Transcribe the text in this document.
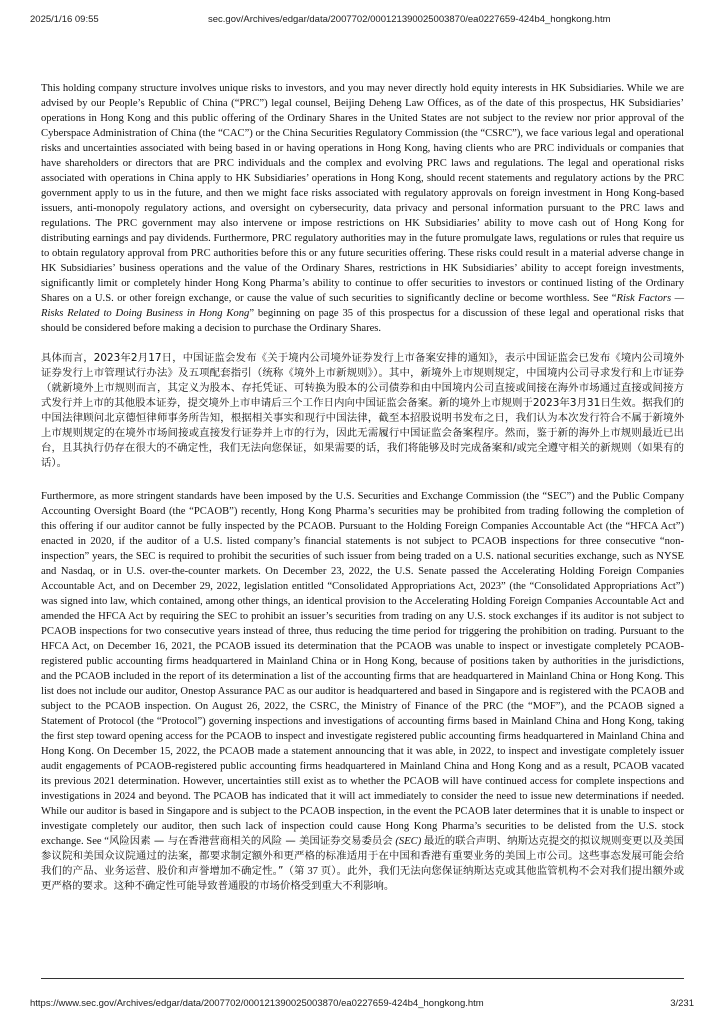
2025/1/16 09:55	sec.gov/Archives/edgar/data/2007702/000121390025003870/ea0227659-424b4_hongkong.htm

This holding company structure involves unique risks to investors, and you may never directly hold equity interests in HK Subsidiaries. While we are advised by our People’s Republic of China (“PRC”) legal counsel, Beijing Deheng Law Offices, as of the date of this prospectus, HK Subsidiaries’ operations in Hong Kong and this public offering of the Ordinary Shares in the United States are not subject to the review nor prior approval of the Cyberspace Administration of China (the “CAC”) or the China Securities Regulatory Commission (the “CSRC”), we face various legal and operational risks and uncertainties associated with being based in or having operations in Hong Kong, having clients who are PRC individuals or companies that have shareholders or directors that are PRC individuals and the complex and evolving PRC laws and regulations. The legal and operational risks associated with operations in China apply to HK Subsidiaries’ operations in Hong Kong, should recent statements and regulatory actions by the PRC government apply to us in the future, and then we might face risks associated with regulatory approvals on foreign investment in Hong Kong-based issuers, anti-monopoly regulatory actions, and oversight on cybersecurity, data privacy and personal information pursuant to the PRC laws and regulations. The PRC government may also intervene or impose restrictions on HK Subsidiaries’ ability to move cash out of Hong Kong for distributing earnings and pay dividends. Furthermore, PRC regulatory authorities may in the future promulgate laws, regulations or rules that require us to obtain regulatory approval from PRC authorities before this or any future securities offering. These risks could result in a material adverse change in HK Subsidiaries’ business operations and the value of the Ordinary Shares, restrictions in HK Subsidiaries’ ability to accept foreign investments, significantly limit or completely hinder Hong Kong Pharma’s ability to continue to offer securities to investors or continued listing of the Ordinary Shares on a U.S. or other foreign exchange, or cause the value of such securities to significantly decline or become worthless. See “Risk Factors — Risks Related to Doing Business in Hong Kong” beginning on page 35 of this prospectus for a discussion of these legal and operational risks that should be considered before making a decision to purchase the Ordinary Shares.

具体而言，2023年2月17日，中国证监会发布《关于境内公司境外证券发行上市备案安排的通知》，表示中国证监会已发布《境内公司境外证券发行上市管理试行办法》及五项配套指引（统称《境外上市新规则》）。其中，新境外上市规则规定，中国境内公司寻求发行和上市证券（就新境外上市规则而言，其定义为股本、存托凭证、可转换为股本的公司债券和由中国境内公司直接或间接在海外市场通过直接或间接方式发行并上市的其他股本证券，提交境外上市申请后三个工作日内向中国证监会备案。新的境外上市规则于2023年3月31日生效。据我们的中国法律顾问北京德恒律师事务所告知，根据相关事实和现行中国法律，截至本招股说明书发布之日，我们认为本次发行符合不属于新境外上市规则规定的在境外市场间接或直接发行证券并上市的行为，因此无需履行中国证监会备案程序。然而，鉴于新的海外上市规则最近已出台，且其执行仍存在很大的不确定性，我们无法向您保证，如果需要的话，我们将能够及时完成备案和/或完全遵守相关的新规则（如果有的话）。

Furthermore, as more stringent standards have been imposed by the U.S. Securities and Exchange Commission (the “SEC”) and the Public Company Accounting Oversight Board (the “PCAOB”) recently, Hong Kong Pharma’s securities may be prohibited from trading following the completion of this offering if our auditor cannot be fully inspected by the PCAOB. Pursuant to the Holding Foreign Companies Accountable Act (the “HFCA Act”) enacted in 2020, if the auditor of a U.S. listed company’s financial statements is not subject to PCAOB inspections for three consecutive “non-inspection” years, the SEC is required to prohibit the securities of such issuer from being traded on a U.S. national securities exchange, such as NYSE and Nasdaq, or in U.S. over-the-counter markets. On December 23, 2022, the U.S. Senate passed the Accelerating Holding Foreign Companies Accountable Act, and on December 29, 2022, legislation entitled “Consolidated Appropriations Act, 2023” (the “Consolidated Appropriations Act”) was signed into law, which contained, among other things, an identical provision to the Accelerating Holding Foreign Companies Accountable Act and amended the HFCA Act by requiring the SEC to prohibit an issuer’s securities from trading on any U.S. stock exchanges if its auditor is not subject to PCAOB inspections for two consecutive years instead of three, thus reducing the time period for triggering the prohibition on trading. Pursuant to the HFCA Act, on December 16, 2021, the PCAOB issued its determination that the PCAOB was unable to inspect or investigate completely PCAOB-registered public accounting firms headquartered in Mainland China or in Hong Kong, because of positions taken by authorities in the jurisdictions, and the PCAOB included in the report of its determination a list of the accounting firms that are headquartered in Mainland China or Hong Kong. This list does not include our auditor, Onestop Assurance PAC as our auditor is headquartered and based in Singapore and is registered with the PCAOB and subject to the PCAOB inspection. On August 26, 2022, the CSRC, the Ministry of Finance of the PRC (the “MOF”), and the PCAOB signed a Statement of Protocol (the “Protocol”) governing inspections and investigations of accounting firms based in Mainland China and Hong Kong, taking the first step toward opening access for the PCAOB to inspect and investigate registered public accounting firms headquartered in Mainland China and Hong Kong. On December 15, 2022, the PCAOB made a statement announcing that it was able, in 2022, to inspect and investigate completely issuer audit engagements of PCAOB-registered public accounting firms headquartered in Mainland China and Hong Kong and as a result, PCAOB vacated its previous 2021 determination. However, uncertainties still exist as to whether the PCAOB will have continued access for complete inspections and investigations in 2024 and beyond. The PCAOB has indicated that it will act immediately to consider the need to issue new determinations if needed. While our auditor is based in Singapore and is subject to the PCAOB inspection, in the event the PCAOB later determines that it is unable to inspect or investigate completely our auditor, then such lack of inspection could cause Hong Kong Pharma’s securities to be delisted from the U.S. stock exchange. See “风险因素 — 与在香港营商相关的风险 — 美国证券交易委员会 (SEC) 最近的联合声明、纳斯达克提交的拟议规则变更以及美国参议院和美国众议院通过的法案，都要求制定额外和更严格的标准适用于在中国和香港有重要业务的美国上市公司。这些事态发展可能会给我们的产品、业务运营、股价和声誉增加不确定性。”（第 37 页）。此外，我们无法向您保证纳斯达克或其他监管机构不会对我们提出额外或更严格的要求。这种不确定性可能导致普通股的市场价格受到重大不利影响。

https://www.sec.gov/Archives/edgar/data/2007702/000121390025003870/ea0227659-424b4_hongkong.htm	3/231
